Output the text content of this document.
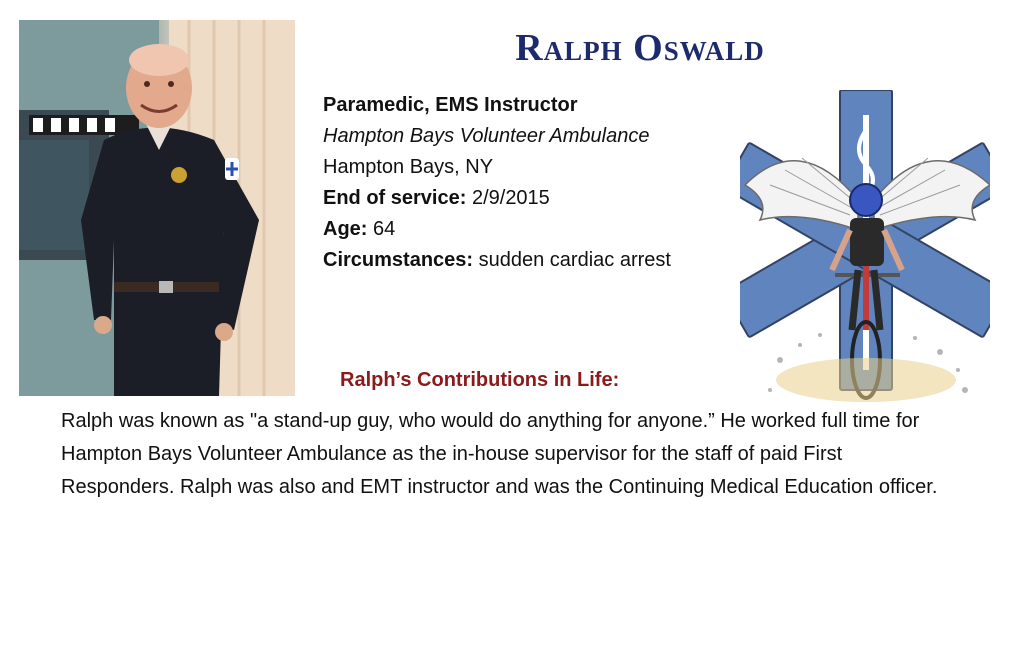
Ralph Oswald
Paramedic, EMS Instructor
Hampton Bays Volunteer Ambulance
Hampton Bays, NY
End of service: 2/9/2015
Age: 64
Circumstances: sudden cardiac arrest
Ralph’s Contributions in Life:
Ralph was known as "a stand-up guy, who would do anything for anyone.” He worked full time for Hampton Bays Volunteer Ambulance as the in-house supervisor for the staff of paid First Responders. Ralph was also and EMT instructor and was the Continuing Medical Education officer.
